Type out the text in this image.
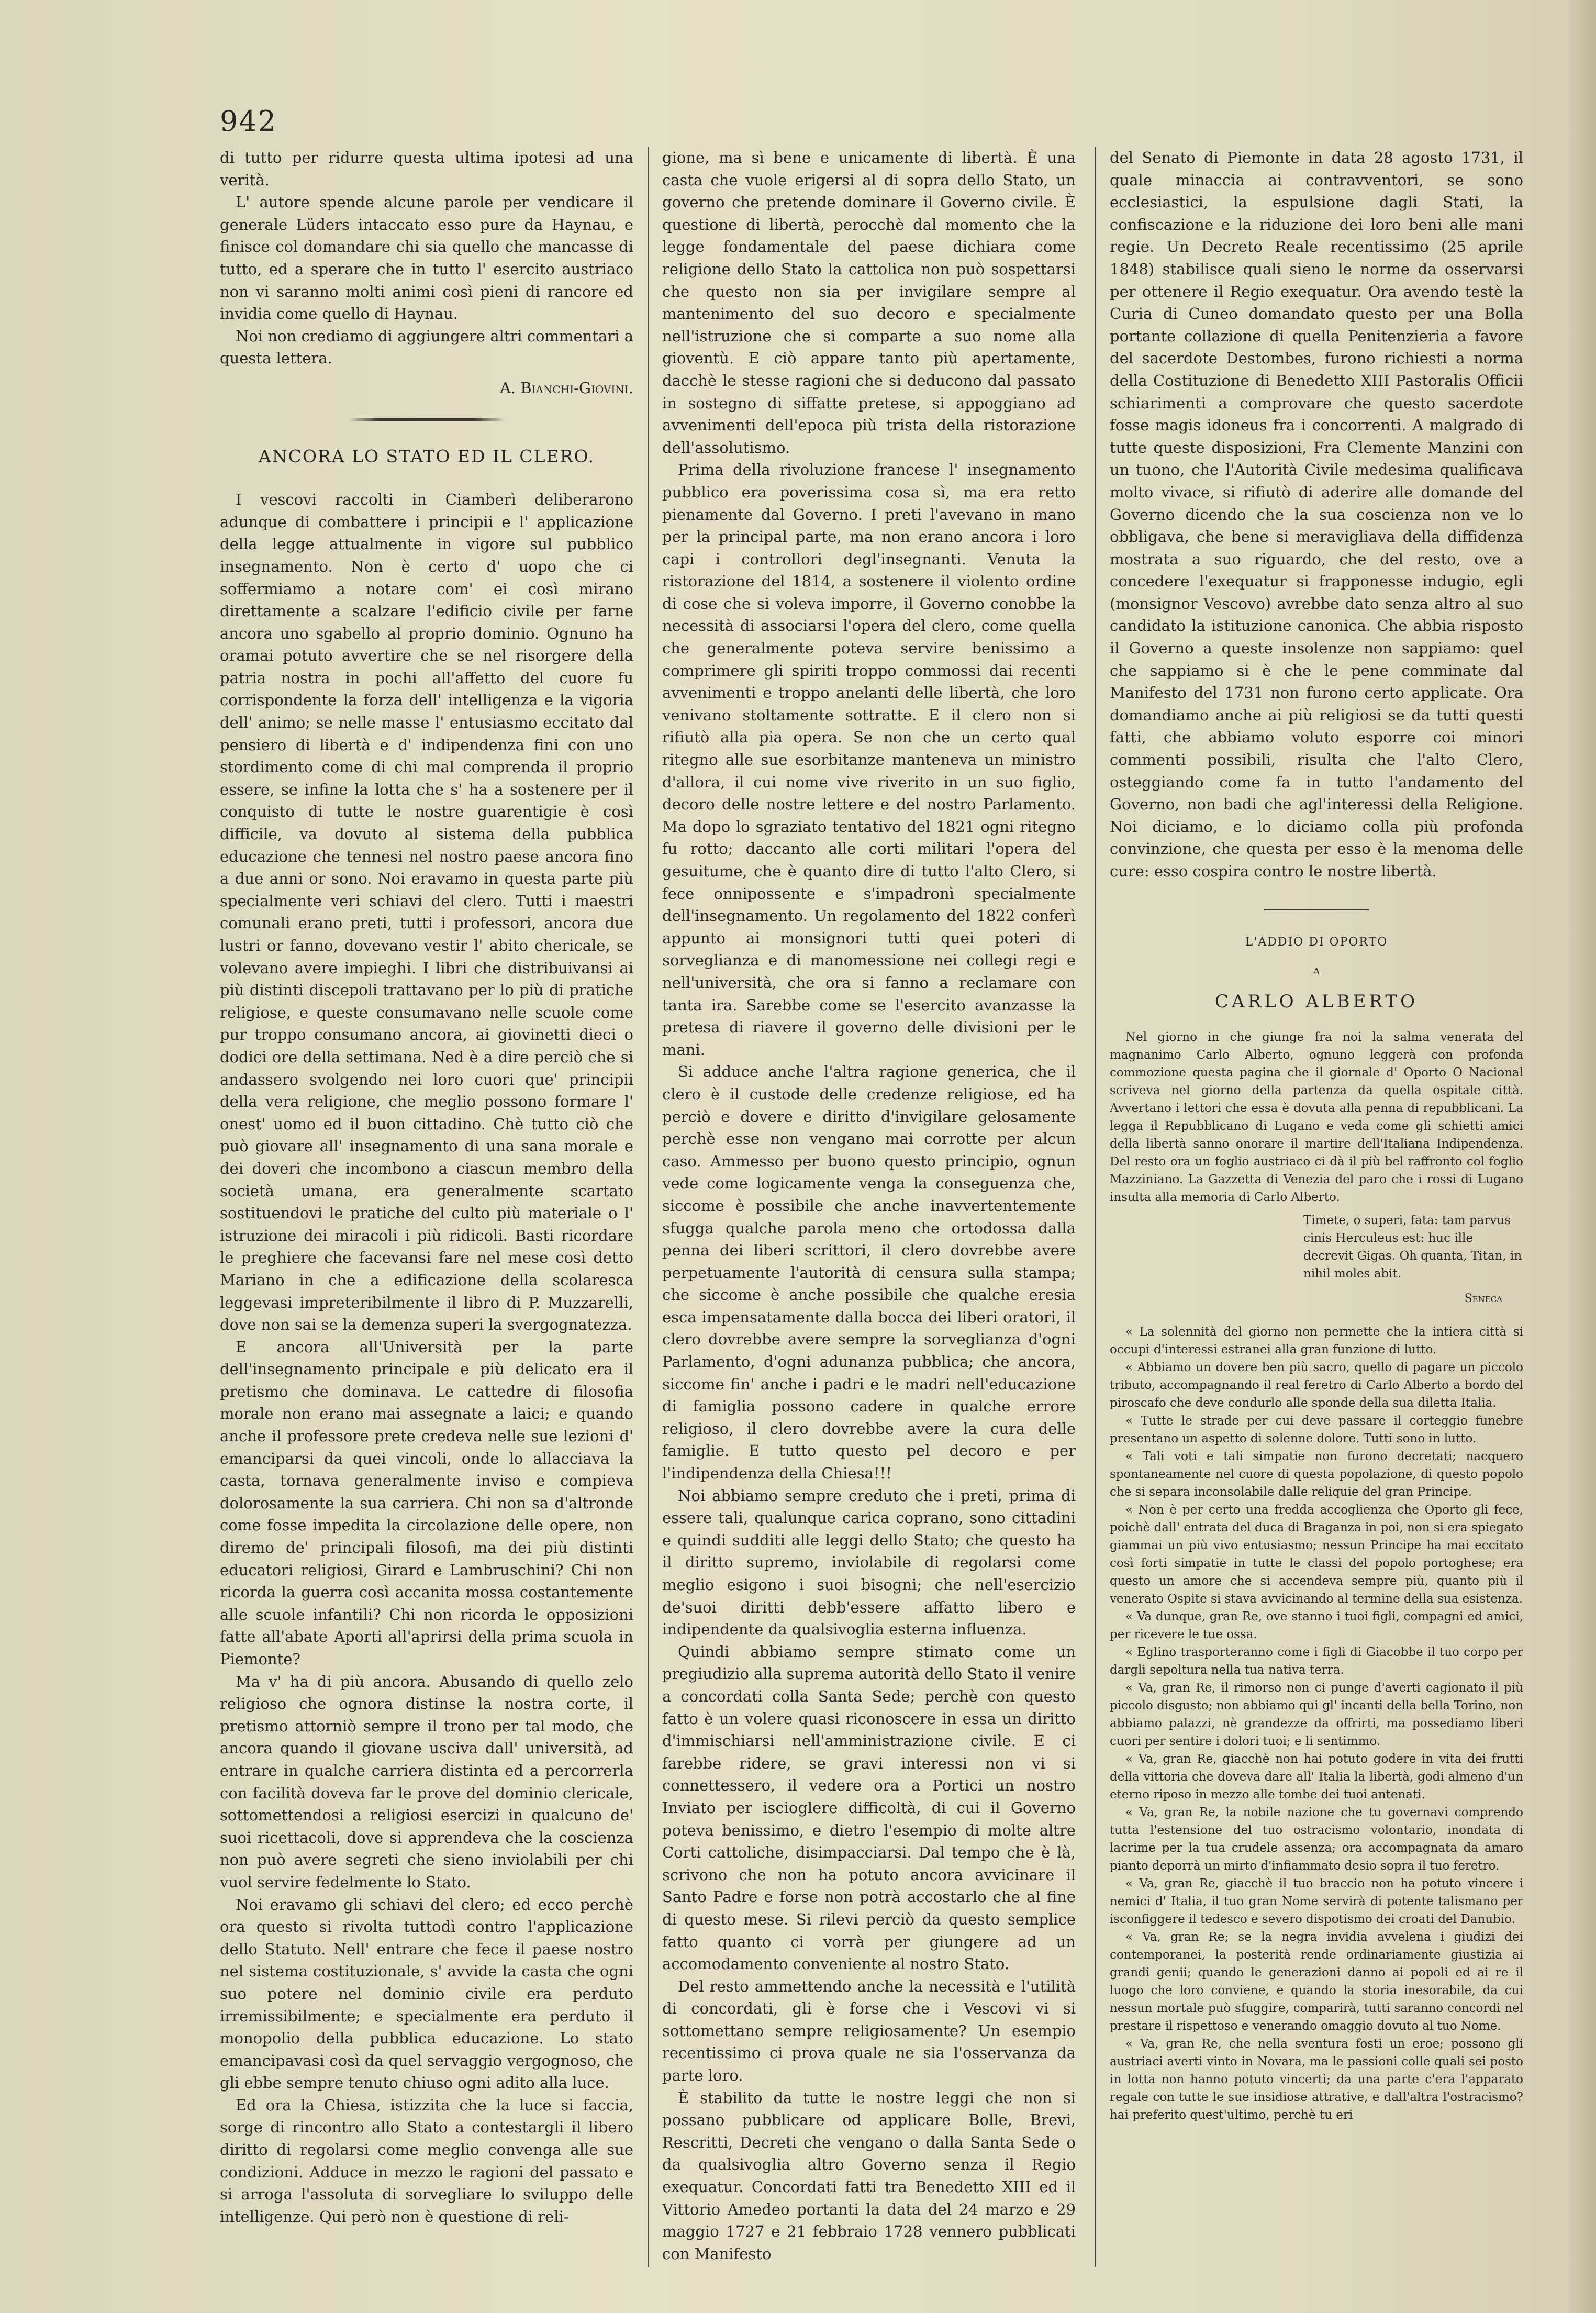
942

di tutto per ridurre questa ultima ipotesi ad una verità.

L' autore spende alcune parole per vendicare il generale Lüders intaccato esso pure da Haynau, e finisce col domandare chi sia quello che mancasse di tutto, ed a sperare che in tutto l' esercito austriaco non vi saranno molti animi così pieni di rancore ed invidia come quello di Haynau.

Noi non crediamo di aggiungere altri commentari a questa lettera.

A. Bianchi-Giovini.
ANCORA LO STATO ED IL CLERO.

I vescovi raccolti in Ciamberì deliberarono adunque di combattere i principii e l' applicazione della legge attualmente in vigore sul pubblico insegnamento. Non è certo d' uopo che ci soffermiamo a notare com' ei così mirano direttamente a scalzare l'edificio civile per farne ancora uno sgabello al proprio dominio. Ognuno ha oramai potuto avvertire che se nel risorgere della patria nostra in pochi all'affetto del cuore fu corrispondente la forza dell' intelligenza e la vigoria dell' animo; se nelle masse l' entusiasmo eccitato dal pensiero di libertà e d' indipendenza fini con uno stordimento come di chi mal comprenda il proprio essere, se infine la lotta che s' ha a sostenere per il conquisto di tutte le nostre guarentigie è così difficile, va dovuto al sistema della pubblica educazione che tennesi nel nostro paese ancora fino a due anni or sono. Noi eravamo in questa parte più specialmente veri schiavi del clero. Tutti i maestri comunali erano preti, tutti i professori, ancora due lustri or fanno, dovevano vestir l' abito chericale, se volevano avere impieghi. I libri che distribuivansi ai più distinti discepoli trattavano per lo più di pratiche religiose, e queste consumavano nelle scuole come pur troppo consumano ancora, ai giovinetti dieci o dodici ore della settimana. Ned è a dire perciò che si andassero svolgendo nei loro cuori que' principii della vera religione, che meglio possono formare l' onest' uomo ed il buon cittadino. Chè tutto ciò che può giovare all' insegnamento di una sana morale e dei doveri che incombono a ciascun membro della società umana, era generalmente scartato sostituendovi le pratiche del culto più materiale o l' istruzione dei miracoli i più ridicoli. Basti ricordare le preghiere che facevansi fare nel mese così detto Mariano in che a edificazione della scolaresca leggevasi impreteribilmente il libro di P. Muzzarelli, dove non sai se la demenza superi la svergognatezza.

E ancora all'Università per la parte dell'insegnamento principale e più delicato era il pretismo che dominava. Le cattedre di filosofia morale non erano mai assegnate a laici; e quando anche il professore prete credeva nelle sue lezioni d' emanciparsi da quei vincoli, onde lo allacciava la casta, tornava generalmente inviso e compieva dolorosamente la sua carriera. Chi non sa d'altronde come fosse impedita la circolazione delle opere, non diremo de' principali filosofi, ma dei più distinti educatori religiosi, Girard e Lambruschini? Chi non ricorda la guerra così accanita mossa costantemente alle scuole infantili? Chi non ricorda le opposizioni fatte all'abate Aporti all'aprirsi della prima scuola in Piemonte?

Ma v' ha di più ancora. Abusando di quello zelo religioso che ognora distinse la nostra corte, il pretismo attorniò sempre il trono per tal modo, che ancora quando il giovane usciva dall' università, ad entrare in qualche carriera distinta ed a percorrerla con facilità doveva far le prove del dominio clericale, sottomettendosi a religiosi esercizi in qualcuno de' suoi ricettacoli, dove si apprendeva che la coscienza non può avere segreti che sieno inviolabili per chi vuol servire fedelmente lo Stato.

Noi eravamo gli schiavi del clero; ed ecco perchè ora questo si rivolta tuttodì contro l'applicazione dello Statuto. Nell' entrare che fece il paese nostro nel sistema costituzionale, s' avvide la casta che ogni suo potere nel dominio civile era perduto irremissibilmente; e specialmente era perduto il monopolio della pubblica educazione. Lo stato emancipavasi così da quel servaggio vergognoso, che gli ebbe sempre tenuto chiuso ogni adito alla luce.

Ed ora la Chiesa, istizzita che la luce si faccia, sorge di rincontro allo Stato a contestargli il libero diritto di regolarsi come meglio convenga alle sue condizioni. Adduce in mezzo le ragioni del passato e si arroga l'assoluta di sorvegliare lo sviluppo delle intelligenze. Qui però non è questione di reli-

gione, ma sì bene e unicamente di libertà. È una casta che vuole erigersi al di sopra dello Stato, un governo che pretende dominare il Governo civile. È questione di libertà, perocchè dal momento che la legge fondamentale del paese dichiara come religione dello Stato la cattolica non può sospettarsi che questo non sia per invigilare sempre al mantenimento del suo decoro e specialmente nell'istruzione che si comparte a suo nome alla gioventù. E ciò appare tanto più apertamente, dacchè le stesse ragioni che si deducono dal passato in sostegno di siffatte pretese, si appoggiano ad avvenimenti dell'epoca più trista della ristorazione dell'assolutismo.

Prima della rivoluzione francese l' insegnamento pubblico era poverissima cosa sì, ma era retto pienamente dal Governo. I preti l'avevano in mano per la principal parte, ma non erano ancora i loro capi i controllori degl'insegnanti. Venuta la ristorazione del 1814, a sostenere il violento ordine di cose che si voleva imporre, il Governo conobbe la necessità di associarsi l'opera del clero, come quella che generalmente poteva servire benissimo a comprimere gli spiriti troppo commossi dai recenti avvenimenti e troppo anelanti delle libertà, che loro venivano stoltamente sottratte. E il clero non si rifiutò alla pia opera. Se non che un certo qual ritegno alle sue esorbitanze manteneva un ministro d'allora, il cui nome vive riverito in un suo figlio, decoro delle nostre lettere e del nostro Parlamento. Ma dopo lo sgraziato tentativo del 1821 ogni ritegno fu rotto; daccanto alle corti militari l'opera del gesuitume, che è quanto dire di tutto l'alto Clero, si fece onnipossente e s'impadronì specialmente dell'insegnamento. Un regolamento del 1822 conferì appunto ai monsignori tutti quei poteri di sorveglianza e di manomessione nei collegi regi e nell'università, che ora si fanno a reclamare con tanta ira. Sarebbe come se l'esercito avanzasse la pretesa di riavere il governo delle divisioni per le mani.

Si adduce anche l'altra ragione generica, che il clero è il custode delle credenze religiose, ed ha perciò e dovere e diritto d'invigilare gelosamente perchè esse non vengano mai corrotte per alcun caso. Ammesso per buono questo principio, ognun vede come logicamente venga la conseguenza che, siccome è possibile che anche inavvertentemente sfugga qualche parola meno che ortodossa dalla penna dei liberi scrittori, il clero dovrebbe avere perpetuamente l'autorità di censura sulla stampa; che siccome è anche possibile che qualche eresia esca impensatamente dalla bocca dei liberi oratori, il clero dovrebbe avere sempre la sorveglianza d'ogni Parlamento, d'ogni adunanza pubblica; che ancora, siccome fin' anche i padri e le madri nell'educazione di famiglia possono cadere in qualche errore religioso, il clero dovrebbe avere la cura delle famiglie. E tutto questo pel decoro e per l'indipendenza della Chiesa!!!

Noi abbiamo sempre creduto che i preti, prima di essere tali, qualunque carica coprano, sono cittadini e quindi sudditi alle leggi dello Stato; che questo ha il diritto supremo, inviolabile di regolarsi come meglio esigono i suoi bisogni; che nell'esercizio de'suoi diritti debb'essere affatto libero e indipendente da qualsivoglia esterna influenza.

Quindi abbiamo sempre stimato come un pregiudizio alla suprema autorità dello Stato il venire a concordati colla Santa Sede; perchè con questo fatto è un volere quasi riconoscere in essa un diritto d'immischiarsi nell'amministrazione civile. E ci farebbe ridere, se gravi interessi non vi si connettessero, il vedere ora a Portici un nostro Inviato per iscioglere difficoltà, di cui il Governo poteva benissimo, e dietro l'esempio di molte altre Corti cattoliche, disimpacciarsi. Dal tempo che è là, scrivono che non ha potuto ancora avvicinare il Santo Padre e forse non potrà accostarlo che al fine di questo mese. Si rilevi perciò da questo semplice fatto quanto ci vorrà per giungere ad un accomodamento conveniente al nostro Stato.

Del resto ammettendo anche la necessità e l'utilità di concordati, gli è forse che i Vescovi vi si sottomettano sempre religiosamente? Un esempio recentissimo ci prova quale ne sia l'osservanza da parte loro.

È stabilito da tutte le nostre leggi che non si possano pubblicare od applicare Bolle, Brevi, Rescritti, Decreti che vengano o dalla Santa Sede o da qualsivoglia altro Governo senza il Regio exequatur. Concordati fatti tra Benedetto XIII ed il Vittorio Amedeo portanti la data del 24 marzo e 29 maggio 1727 e 21 febbraio 1728 vennero pubblicati con Manifesto

del Senato di Piemonte in data 28 agosto 1731, il quale minaccia ai contravventori, se sono ecclesiastici, la espulsione dagli Stati, la confiscazione e la riduzione dei loro beni alle mani regie. Un Decreto Reale recentissimo (25 aprile 1848) stabilisce quali sieno le norme da osservarsi per ottenere il Regio exequatur. Ora avendo testè la Curia di Cuneo domandato questo per una Bolla portante collazione di quella Penitenzieria a favore del sacerdote Destombes, furono richiesti a norma della Costituzione di Benedetto XIII Pastoralis Officii schiarimenti a comprovare che questo sacerdote fosse magis idoneus fra i concorrenti. A malgrado di tutte queste disposizioni, Fra Clemente Manzini con un tuono, che l'Autorità Civile medesima qualificava molto vivace, si rifiutò di aderire alle domande del Governo dicendo che la sua coscienza non ve lo obbligava, che bene si meravigliava della diffidenza mostrata a suo riguardo, che del resto, ove a concedere l'exequatur si frapponesse indugio, egli (monsignor Vescovo) avrebbe dato senza altro al suo candidato la istituzione canonica. Che abbia risposto il Governo a queste insolenze non sappiamo: quel che sappiamo si è che le pene comminate dal Manifesto del 1731 non furono certo applicate. Ora domandiamo anche ai più religiosi se da tutti questi fatti, che abbiamo voluto esporre coi minori commenti possibili, risulta che l'alto Clero, osteggiando come fa in tutto l'andamento del Governo, non badi che agl'interessi della Religione. Noi diciamo, e lo diciamo colla più profonda convinzione, che questa per esso è la menoma delle cure: esso cospira contro le nostre libertà.

L'ADDIO DI OPORTO
A
CARLO ALBERTO

Nel giorno in che giunge fra noi la salma venerata del magnanimo Carlo Alberto, ognuno leggerà con profonda commozione questa pagina che il giornale d' Oporto O Nacional scriveva nel giorno della partenza da quella ospitale città. Avvertano i lettori che essa è dovuta alla penna di repubblicani. La legga il Repubblicano di Lugano e veda come gli schietti amici della libertà sanno onorare il martire dell'Italiana Indipendenza. Del resto ora un foglio austriaco ci dà il più bel raffronto col foglio Mazziniano. La Gazzetta di Venezia del paro che i rossi di Lugano insulta alla memoria di Carlo Alberto.

Timete, o superi, fata: tam parvus cinis Herculeus est: huc ille decrevit Gigas. Oh quanta, Titan, in nihil moles abit.
Seneca

« La solennità del giorno non permette che la intiera città si occupi d'interessi estranei alla gran funzione di lutto.

« Abbiamo un dovere ben più sacro, quello di pagare un piccolo tributo, accompagnando il real feretro di Carlo Alberto a bordo del piroscafo che deve condurlo alle sponde della sua diletta Italia.

« Tutte le strade per cui deve passare il corteggio funebre presentano un aspetto di solenne dolore. Tutti sono in lutto.

« Tali voti e tali simpatie non furono decretati; nacquero spontaneamente nel cuore di questa popolazione, di questo popolo che si separa inconsolabile dalle reliquie del gran Principe.

« Non è per certo una fredda accoglienza che Oporto gli fece, poichè dall' entrata del duca di Braganza in poi, non si era spiegato giammai un più vivo entusiasmo; nessun Principe ha mai eccitato così forti simpatie in tutte le classi del popolo portoghese; era questo un amore che si accendeva sempre più, quanto più il venerato Ospite si stava avvicinando al termine della sua esistenza.

« Va dunque, gran Re, ove stanno i tuoi figli, compagni ed amici, per ricevere le tue ossa.

« Eglino trasporteranno come i figli di Giacobbe il tuo corpo per dargli sepoltura nella tua nativa terra.

« Va, gran Re, il rimorso non ci punge d'averti cagionato il più piccolo disgusto; non abbiamo qui gl' incanti della bella Torino, non abbiamo palazzi, nè grandezze da offrirti, ma possediamo liberi cuori per sentire i dolori tuoi; e li sentimmo.

« Va, gran Re, giacchè non hai potuto godere in vita dei frutti della vittoria che doveva dare all' Italia la libertà, godi almeno d'un eterno riposo in mezzo alle tombe dei tuoi antenati.

« Va, gran Re, la nobile nazione che tu governavi comprendo tutta l'estensione del tuo ostracismo volontario, inondata di lacrime per la tua crudele assenza; ora accompagnata da amaro pianto deporrà un mirto d'infiammato desio sopra il tuo feretro.

« Va, gran Re, giacchè il tuo braccio non ha potuto vincere i nemici d' Italia, il tuo gran Nome servirà di potente talismano per isconfiggere il tedesco e severo dispotismo dei croati del Danubio.

« Va, gran Re; se la negra invidia avvelena i giudizi dei contemporanei, la posterità rende ordinariamente giustizia ai grandi genii; quando le generazioni danno ai popoli ed ai re il luogo che loro conviene, e quando la storia inesorabile, da cui nessun mortale può sfuggire, comparirà, tutti saranno concordi nel prestare il rispettoso e venerando omaggio dovuto al tuo Nome.

« Va, gran Re, che nella sventura fosti un eroe; possono gli austriaci averti vinto in Novara, ma le passioni colle quali sei posto in lotta non hanno potuto vincerti; da una parte c'era l'apparato regale con tutte le sue insidiose attrative, e dall'altra l'ostracismo? hai preferito quest'ultimo, perchè tu eri
